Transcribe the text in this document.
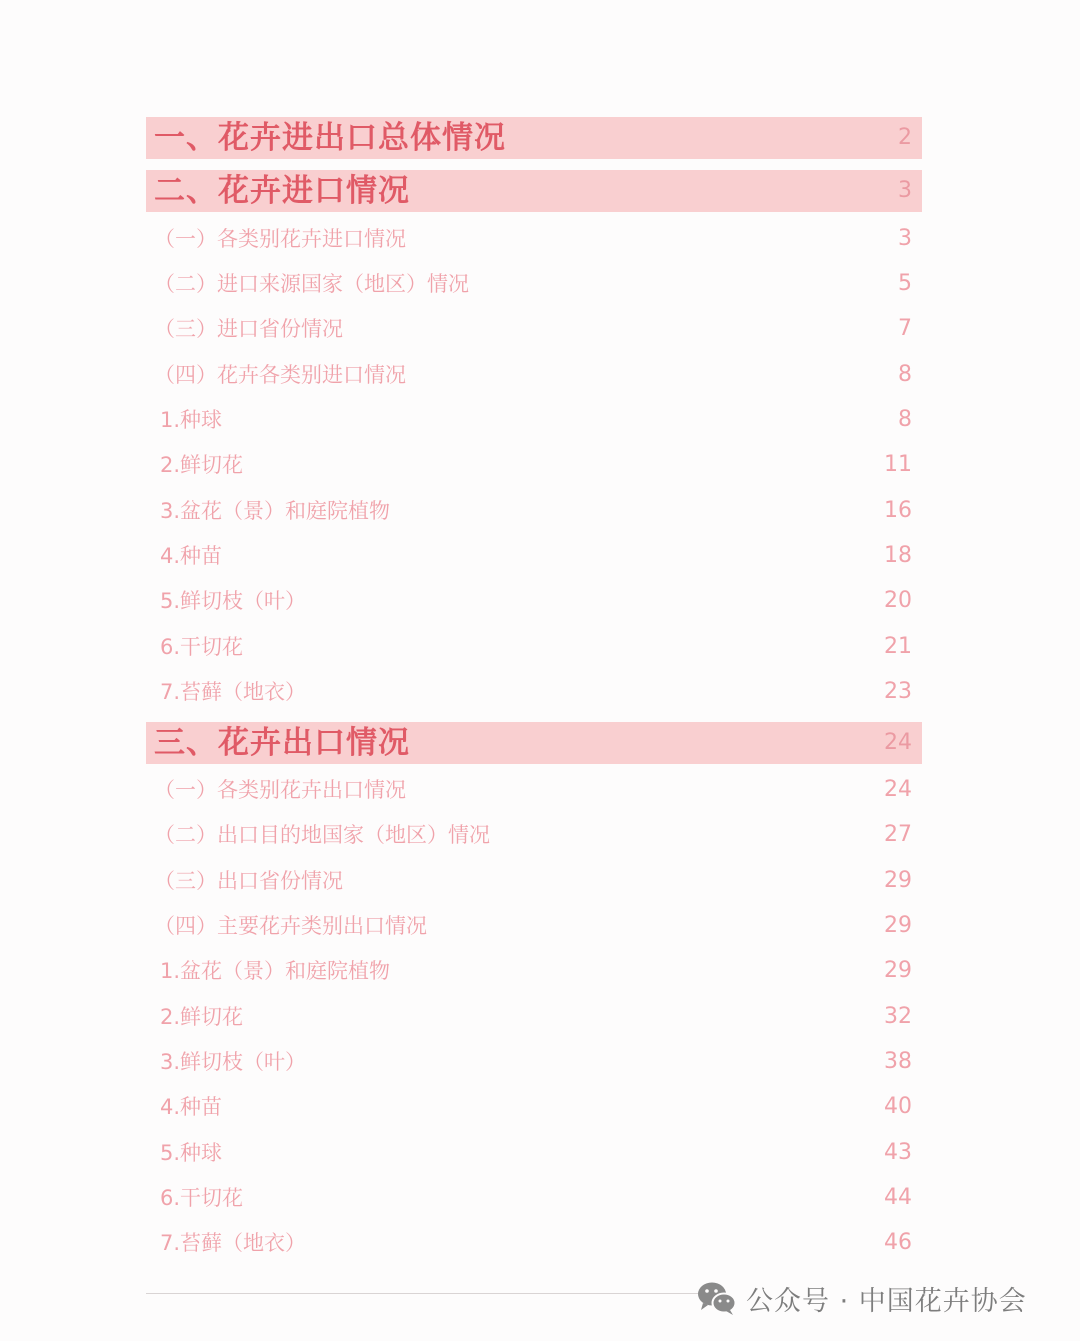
一、花卉进出口总体情况	2
二、花卉进口情况	3
（一）各类别花卉进口情况	3
（二）进口来源国家（地区）情况	5
（三）进口省份情况	7
（四）花卉各类别进口情况	8
1.种球	8
2.鲜切花	11
3.盆花（景）和庭院植物	16
4.种苗	18
5.鲜切枝（叶）	20
6.干切花	21
7.苔藓（地衣）	23
三、花卉出口情况	24
（一）各类别花卉出口情况	24
（二）出口目的地国家（地区）情况	27
（三）出口省份情况	29
（四）主要花卉类别出口情况	29
1.盆花（景）和庭院植物	29
2.鲜切花	32
3.鲜切枝（叶）	38
4.种苗	40
5.种球	43
6.干切花	44
7.苔藓（地衣）	46
公众号 · 中国花卉协会
